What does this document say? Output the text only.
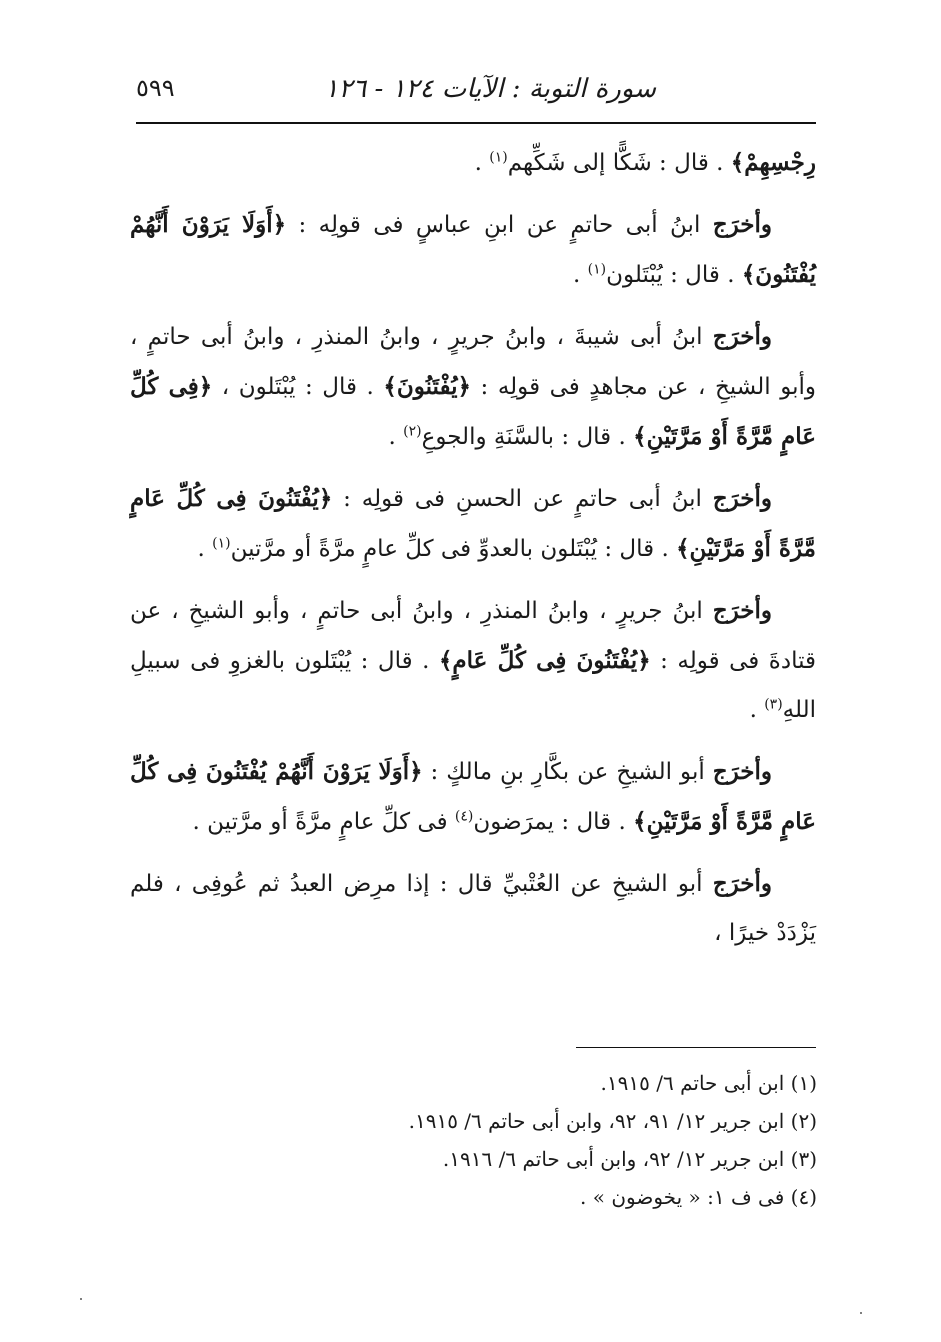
سورة التوبة : الآيات ١٢٤ - ١٢٦
٥٩٩

رِجْسِهِمْ﴾ . قال : شَكًّا إلى شَكِّهم$^{(١)}$ .

وأخرَج ابنُ أبى حاتمٍ عن ابنِ عباسٍ فى قولِه : ﴿أَوَلَا يَرَوْنَ أَنَّهُمْ يُفْتَنُونَ﴾ . قال : يُبْتَلون$^{(١)}$ .

وأخرَج ابنُ أبى شيبةَ ، وابنُ جريرٍ ، وابنُ المنذرِ ، وابنُ أبى حاتمٍ ، وأبو الشيخِ ، عن مجاهدٍ فى قولِه : ﴿يُفْتَنُونَ﴾ . قال : يُبْتَلون ، ﴿فِى كُلِّ عَامٍ مَّرَّةً أَوْ مَرَّتَيْنِ﴾ . قال : بالسَّنَةِ والجوعِ$^{(٢)}$ .

وأخرَج ابنُ أبى حاتمٍ عن الحسنِ فى قولِه : ﴿يُفْتَنُونَ فِى كُلِّ عَامٍ مَّرَّةً أَوْ مَرَّتَيْنِ﴾ . قال : يُبْتَلون بالعدوِّ فى كلِّ عامٍ مرَّةً أو مرَّتين$^{(١)}$ .

وأخرَج ابنُ جريرٍ ، وابنُ المنذرِ ، وابنُ أبى حاتمٍ ، وأبو الشيخِ ، عن قتادةَ فى قولِه : ﴿يُفْتَنُونَ فِى كُلِّ عَامٍ﴾ . قال : يُبْتَلون بالغزوِ فى سبيلِ اللهِ$^{(٣)}$ .

وأخرَج أبو الشيخِ عن بكَّارِ بنِ مالكٍ : ﴿أَوَلَا يَرَوْنَ أَنَّهُمْ يُفْتَنُونَ فِى كُلِّ عَامٍ مَّرَّةً أَوْ مَرَّتَيْنِ﴾ . قال : يمرَضون$^{(٤)}$ فى كلِّ عامٍ مرَّةً أو مرَّتين .

وأخرَج أبو الشيخِ عن العُتْبيِّ قال : إذا مرِض العبدُ ثم عُوفِى ، فلم يَزْدَدْ خيرًا ،

(١) ابن أبى حاتم ٦/ ١٩١٥.

(٢) ابن جرير ١٢/ ٩١، ٩٢، وابن أبى حاتم ٦/ ١٩١٥.

(٣) ابن جرير ١٢/ ٩٢، وابن أبى حاتم ٦/ ١٩١٦.

(٤) فى ف ١: « يخوضون » .
